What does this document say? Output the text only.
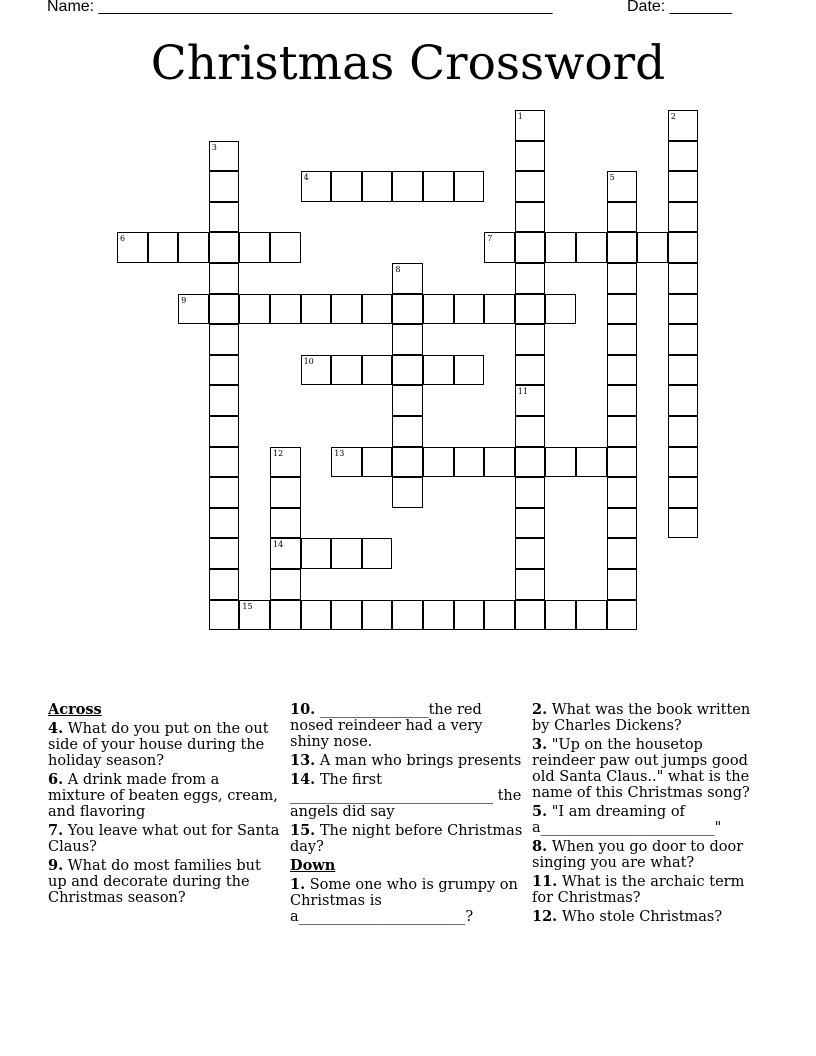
Name: ___________________________________________________	Date: _______
Christmas Crossword
1
11
2
3
4	5
6	7
8
9
10
12
14
13
15
Across
4. What do you put on the out side of your house during the holiday season?
6. A drink made from a mixture of beaten eggs, cream, and flavoring
7. You leave what out for Santa Claus?
9. What do most families but up and decorate during the Christmas season?
10. _______________the red nosed reindeer had a very shiny nose.
13. A man who brings presents
14. The first ____________________________ the angels did say
15. The night before Christmas day?
Down
1. Some one who is grumpy on Christmas is a_______________________?
2. What was the book written by Charles Dickens?
3. "Up on the housetop reindeer paw out jumps good old Santa Claus.." what is the name of this Christmas song?
5. "I am dreaming of a________________________"
8. When you go door to door singing you are what?
11. What is the archaic term for Christmas?
12. Who stole Christmas?
